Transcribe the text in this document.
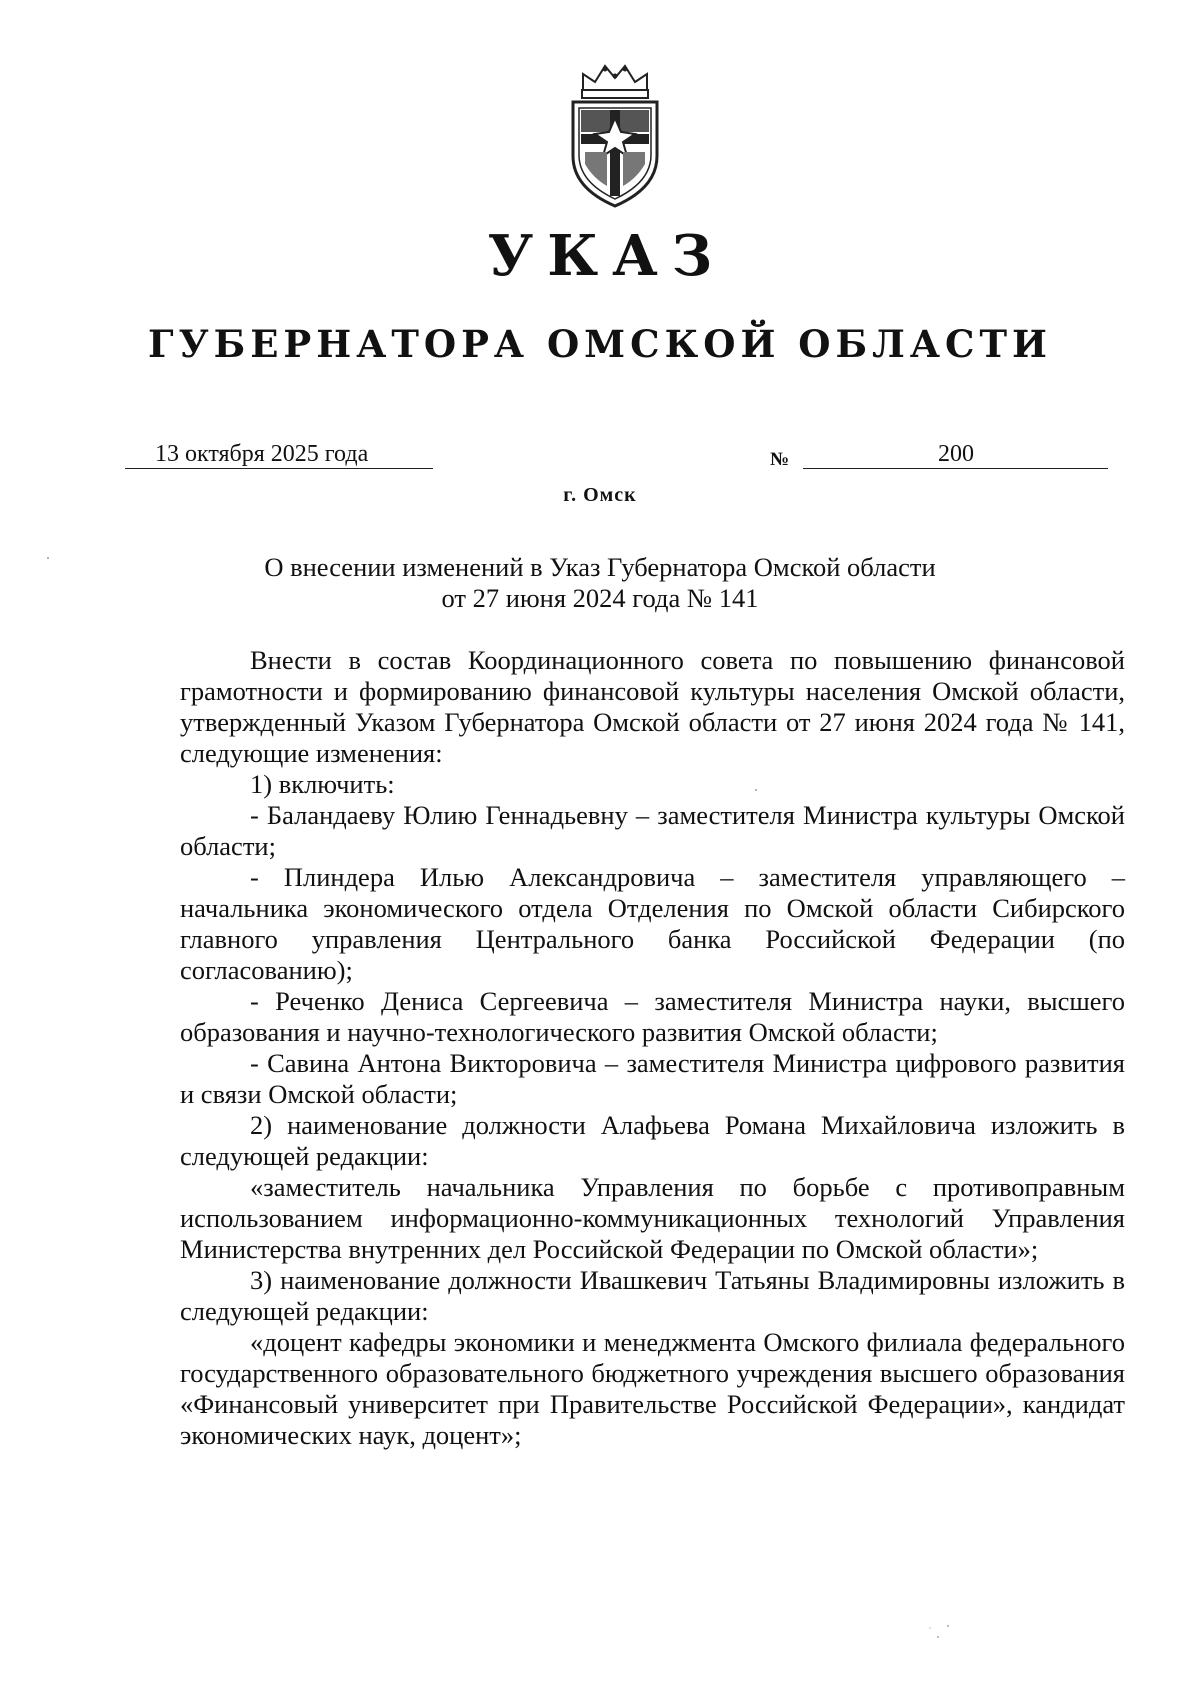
УКАЗ
ГУБЕРНАТОРА ОМСКОЙ ОБЛАСТИ
13 октября 2025 года	№	200
г. Омск
О внесении изменений в Указ Губернатора Омской области
от 27 июня 2024 года № 141

Внести в состав Координационного совета по повышению финансовой грамотности и формированию финансовой культуры населения Омской области, утвержденный Указом Губернатора Омской области от 27 июня 2024 года № 141, следующие изменения:

1) включить:

- Баландаеву Юлию Геннадьевну – заместителя Министра культуры Омской области;

- Плиндера Илью Александровича – заместителя управляющего – начальника экономического отдела Отделения по Омской области Сибирского главного управления Центрального банка Российской Федерации (по согласованию);

- Реченко Дениса Сергеевича – заместителя Министра науки, высшего образования и научно-технологического развития Омской области;

- Савина Антона Викторовича – заместителя Министра цифрового развития и связи Омской области;

2) наименование должности Алафьева Романа Михайловича изложить в следующей редакции:

«заместитель начальника Управления по борьбе с противоправным использованием информационно-коммуникационных технологий Управления Министерства внутренних дел Российской Федерации по Омской области»;

3) наименование должности Ивашкевич Татьяны Владимировны изложить в следующей редакции:

«доцент кафедры экономики и менеджмента Омского филиала федерального государственного образовательного бюджетного учреждения высшего образования «Финансовый университет при Правительстве Российской Федерации», кандидат экономических наук, доцент»;
